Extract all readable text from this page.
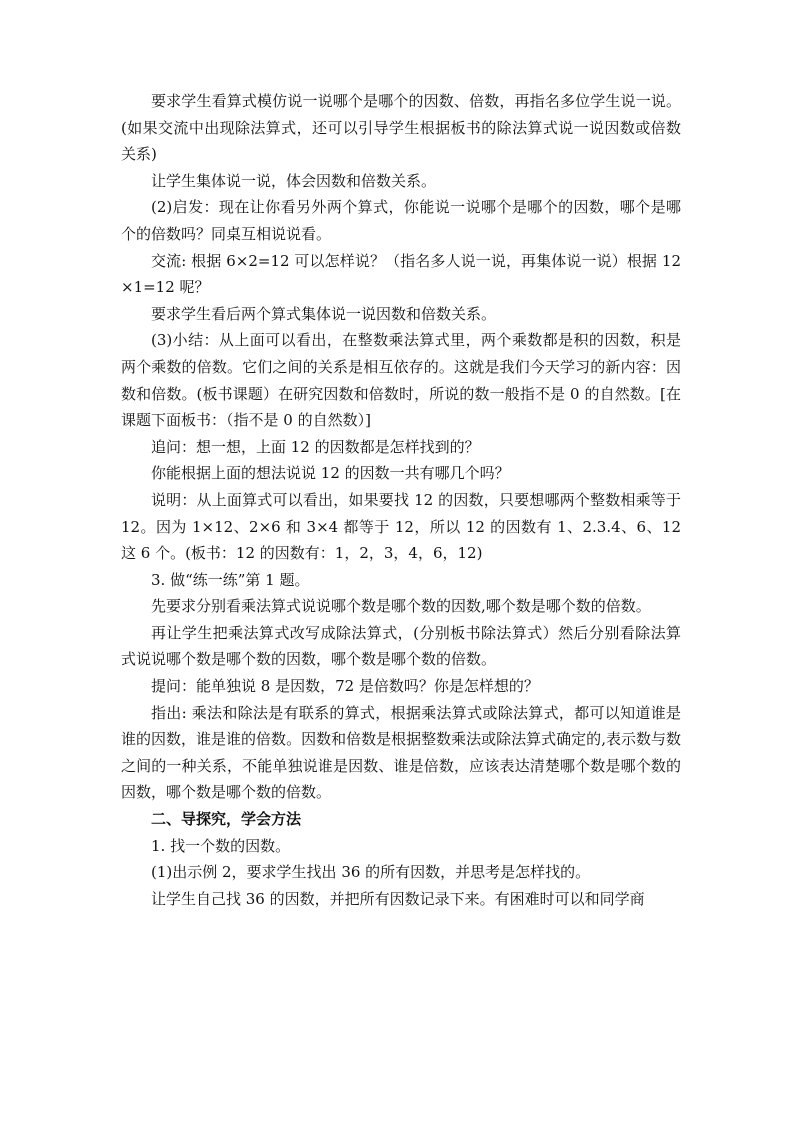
要求学生看算式模仿说一说哪个是哪个的因数、倍数，再指名多位学生说一说。(如果交流中出现除法算式，还可以引导学生根据板书的除法算式说一说因数或倍数关系)

让学生集体说一说，体会因数和倍数关系。

(2)启发：现在让你看另外两个算式，你能说一说哪个是哪个的因数，哪个是哪个的倍数吗？同桌互相说说看。

交流: 根据 6×2=12 可以怎样说？（指名多人说一说，再集体说一说）根据 12×1=12 呢？

要求学生看后两个算式集体说一说因数和倍数关系。

(3)小结：从上面可以看出，在整数乘法算式里，两个乘数都是积的因数，积是两个乘数的倍数。它们之间的关系是相互依存的。这就是我们今天学习的新内容：因数和倍数。(板书课题）在研究因数和倍数时，所说的数一般指不是 0 的自然数。[在课题下面板书：（指不是 0 的自然数）]

追问：想一想，上面 12 的因数都是怎样找到的？

你能根据上面的想法说说 12 的因数一共有哪几个吗？

说明：从上面算式可以看出，如果要找 12 的因数，只要想哪两个整数相乘等于 12。因为 1×12、2×6 和 3×4 都等于 12，所以 12 的因数有 1、2.3.4、6、12 这 6 个。(板书：12 的因数有：1，2，3，4，6，12)

3. 做“练一练”第 1 题。

先要求分别看乘法算式说说哪个数是哪个数的因数,哪个数是哪个数的倍数。

再让学生把乘法算式改写成除法算式，(分别板书除法算式）然后分别看除法算式说说哪个数是哪个数的因数，哪个数是哪个数的倍数。

提问：能单独说 8 是因数，72 是倍数吗？你是怎样想的？

指出: 乘法和除法是有联系的算式，根据乘法算式或除法算式，都可以知道谁是谁的因数，谁是谁的倍数。因数和倍数是根据整数乘法或除法算式确定的,表示数与数之间的一种关系，不能单独说谁是因数、谁是倍数，应该表达清楚哪个数是哪个数的因数，哪个数是哪个数的倍数。

二、导探究，学会方法

1. 找一个数的因数。

(1)出示例 2，要求学生找出 36 的所有因数，并思考是怎样找的。

让学生自己找 36 的因数，并把所有因数记录下来。有困难时可以和同学商
